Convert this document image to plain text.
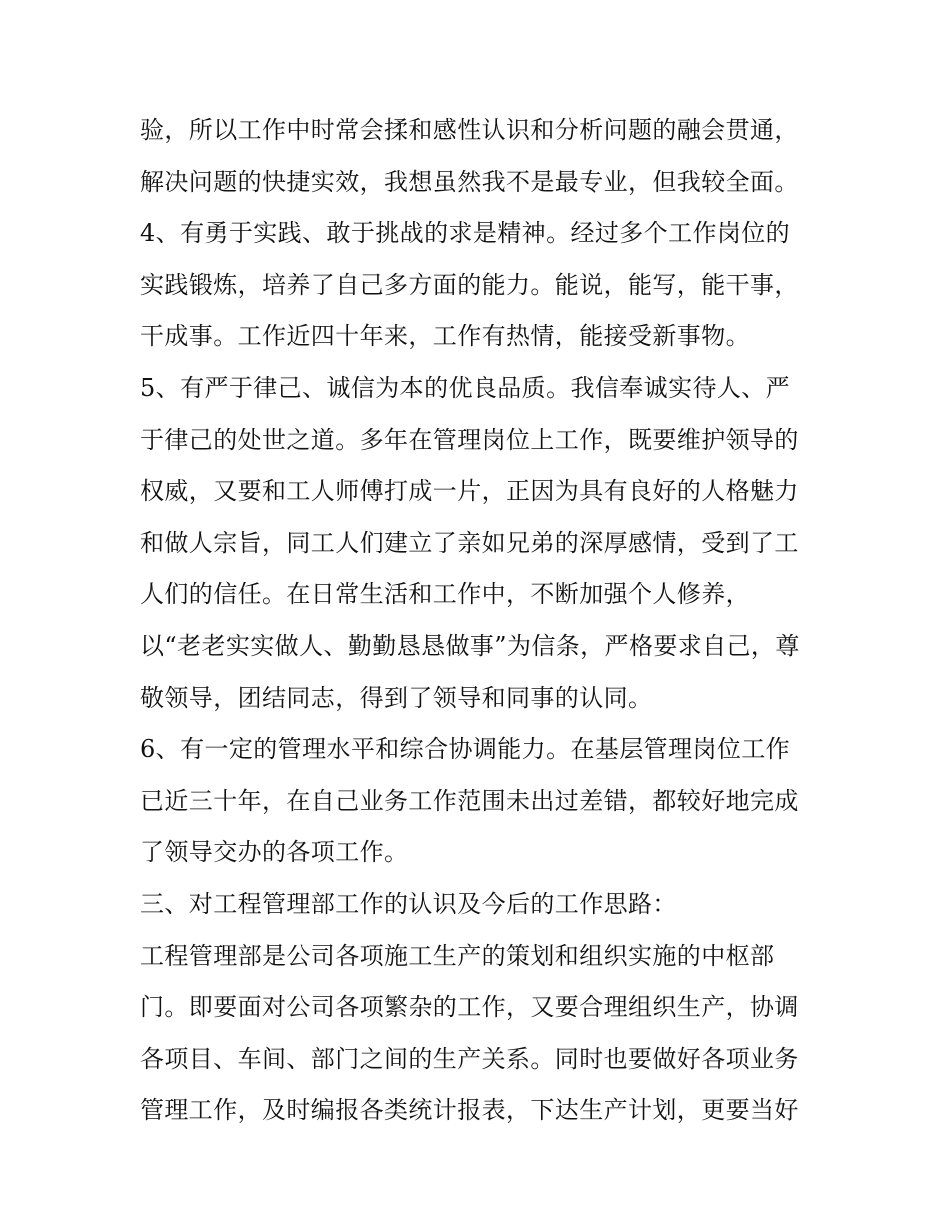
验，所以工作中时常会揉和感性认识和分析问题的融会贯通，
解决问题的快捷实效，我想虽然我不是最专业，但我较全面。
4、有勇于实践、敢于挑战的求是精神。经过多个工作岗位的
实践锻炼，培养了自己多方面的能力。能说，能写，能干事，
干成事。工作近四十年来，工作有热情，能接受新事物。
5、有严于律己、诚信为本的优良品质。我信奉诚实待人、严
于律己的处世之道。多年在管理岗位上工作，既要维护领导的
权威，又要和工人师傅打成一片，正因为具有良好的人格魅力
和做人宗旨，同工人们建立了亲如兄弟的深厚感情，受到了工
人们的信任。在日常生活和工作中，不断加强个人修养，
以“老老实实做人、勤勤恳恳做事”为信条，严格要求自己，尊
敬领导，团结同志，得到了领导和同事的认同。
6、有一定的管理水平和综合协调能力。在基层管理岗位工作
已近三十年，在自己业务工作范围未出过差错，都较好地完成
了领导交办的各项工作。
三、对工程管理部工作的认识及今后的工作思路：
工程管理部是公司各项施工生产的策划和组织实施的中枢部
门。即要面对公司各项繁杂的工作，又要合理组织生产，协调
各项目、车间、部门之间的生产关系。同时也要做好各项业务
管理工作，及时编报各类统计报表，下达生产计划，更要当好
